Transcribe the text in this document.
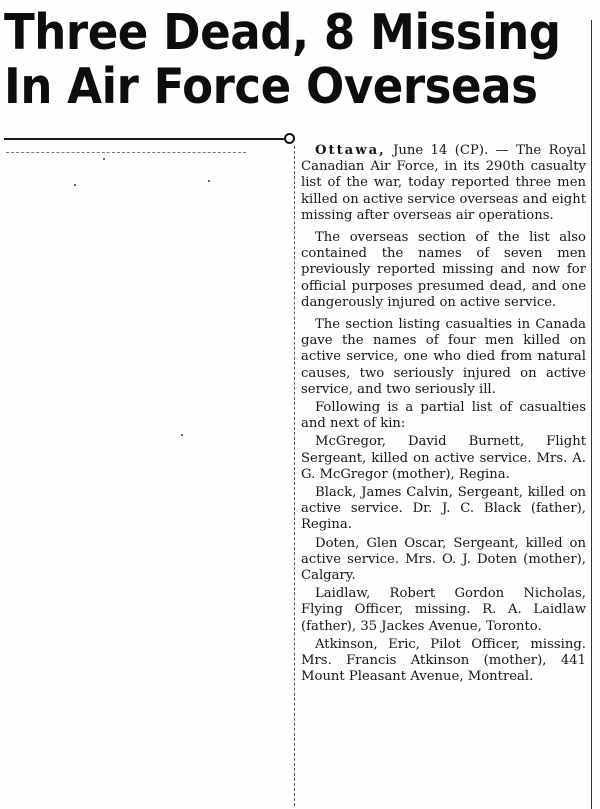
Three Dead, 8 Missing
In Air Force Overseas

Ottawa, June 14 (CP). — The Royal Canadian Air Force, in its 290th casualty list of the war, today reported three men killed on active service overseas and eight missing after overseas air operations.

The overseas section of the list also contained the names of seven men previously reported missing and now for official purposes presumed dead, and one dangerously injured on active service.

The section listing casualties in Canada gave the names of four men killed on active service, one who died from natural causes, two seriously injured on active service, and two seriously ill.

Following is a partial list of casualties and next of kin:

McGregor, David Burnett, Flight Sergeant, killed on active service. Mrs. A. G. McGregor (mother), Regina.

Black, James Calvin, Sergeant, killed on active service. Dr. J. C. Black (father), Regina.

Doten, Glen Oscar, Sergeant, killed on active service. Mrs. O. J. Doten (mother), Calgary.

Laidlaw, Robert Gordon Nicholas, Flying Officer, missing. R. A. Laidlaw (father), 35 Jackes Avenue, Toronto.

Atkinson, Eric, Pilot Officer, missing. Mrs. Francis Atkinson (mother), 441 Mount Pleasant Avenue, Montreal.
